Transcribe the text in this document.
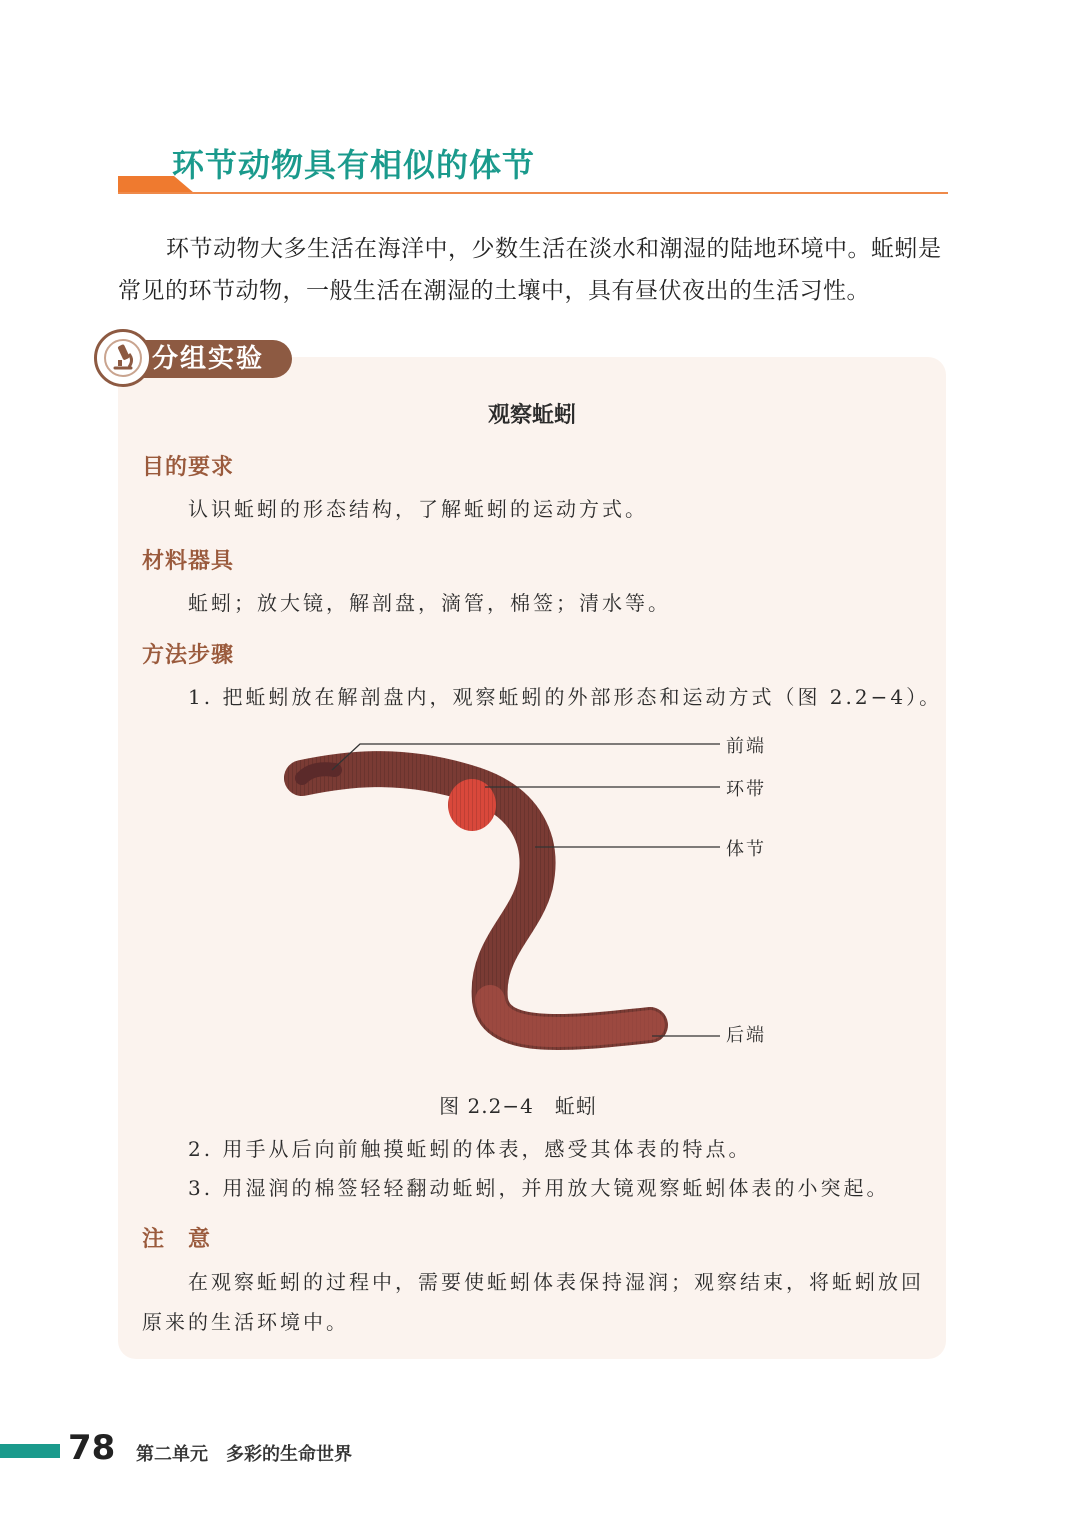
环节动物具有相似的体节

环节动物大多生活在海洋中，少数生活在淡水和潮湿的陆地环境中。蚯蚓是常见的环节动物，一般生活在潮湿的土壤中，具有昼伏夜出的生活习性。

分组实验
观察蚯蚓
目的要求
认识蚯蚓的形态结构，了解蚯蚓的运动方式。
材料器具
蚯蚓；放大镜，解剖盘，滴管，棉签；清水等。
方法步骤
1. 把蚯蚓放在解剖盘内，观察蚯蚓的外部形态和运动方式（图 2.2−4）。
前端
环带
体节
后端
图 2.2−4　蚯蚓
2. 用手从后向前触摸蚯蚓的体表，感受其体表的特点。
3. 用湿润的棉签轻轻翻动蚯蚓，并用放大镜观察蚯蚓体表的小突起。
注　意

在观察蚯蚓的过程中，需要使蚯蚓体表保持湿润；观察结束，将蚯蚓放回原来的生活环境中。

78 第二单元　多彩的生命世界
